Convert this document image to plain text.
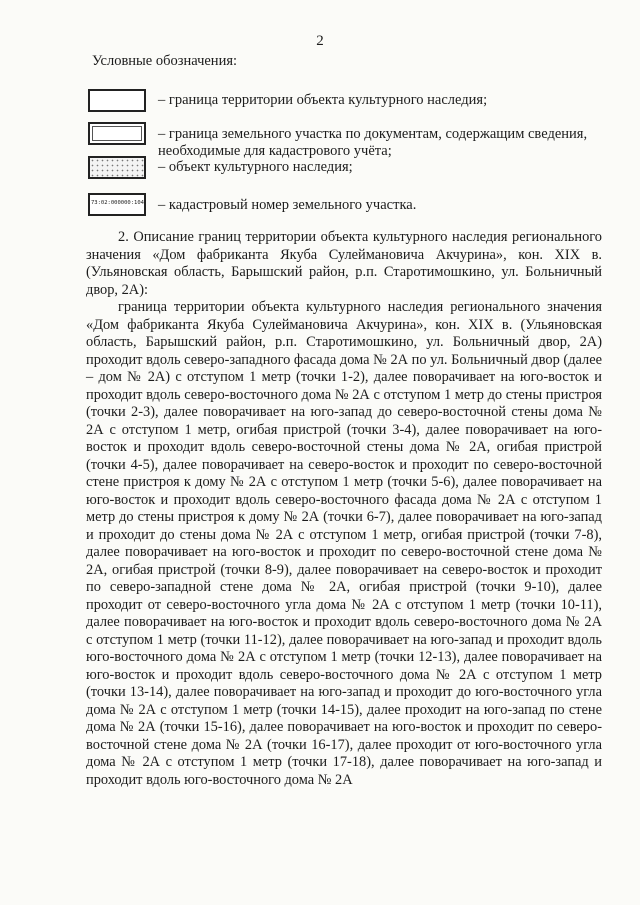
2
Условные обозначения:
– граница территории объекта культурного наследия;
– граница земельного участка по документам, содержащим сведения, необходимые для кадастрового учёта;
– объект культурного наследия;
73:02:000000:104 – кадастровый номер земельного участка.

2. Описание границ территории объекта культурного наследия регионального значения «Дом фабриканта Якуба Сулеймановича Акчурина», кон. XIX в. (Ульяновская область, Барышский район, р.п. Старотимошкино, ул. Больничный двор, 2А):

граница территории объекта культурного наследия регионального значения «Дом фабриканта Якуба Сулеймановича Акчурина», кон. XIX в. (Ульяновская область, Барышский район, р.п. Старотимошкино, ул. Больничный двор, 2А) проходит вдоль северо-западного фасада дома № 2А по ул. Больничный двор (далее – дом № 2А) с отступом 1 метр (точки 1-2), далее поворачивает на юго-восток и проходит вдоль северо-восточного дома № 2А с отступом 1 метр до стены пристроя (точки 2-3), далее поворачивает на юго-запад до северо-восточной стены дома № 2А с отступом 1 метр, огибая пристрой (точки 3-4), далее поворачивает на юго-восток и проходит вдоль северо-восточной стены дома № 2А, огибая пристрой (точки 4-5), далее поворачивает на северо-восток и проходит по северо-восточной стене пристроя к дому № 2А с отступом 1 метр (точки 5-6), далее поворачивает на юго-восток и проходит вдоль северо-восточного фасада дома № 2А с отступом 1 метр до стены пристроя к дому № 2А (точки 6-7), далее поворачивает на юго-запад и проходит до стены дома № 2А с отступом 1 метр, огибая пристрой (точки 7-8), далее поворачивает на юго-восток и проходит по северо-восточной стене дома № 2А, огибая пристрой (точки 8-9), далее поворачивает на северо-восток и проходит по северо-западной стене дома № 2А, огибая пристрой (точки 9-10), далее проходит от северо-восточного угла дома № 2А с отступом 1 метр (точки 10-11), далее поворачивает на юго-восток и проходит вдоль северо-восточного дома № 2А с отступом 1 метр (точки 11-12), далее поворачивает на юго-запад и проходит вдоль юго-восточного дома № 2А с отступом 1 метр (точки 12-13), далее поворачивает на юго-восток и проходит вдоль северо-восточного дома № 2А с отступом 1 метр (точки 13-14), далее поворачивает на юго-запад и проходит до юго-восточного угла дома № 2А с отступом 1 метр (точки 14-15), далее проходит на юго-запад по стене дома № 2А (точки 15-16), далее поворачивает на юго-восток и проходит по северо-восточной стене дома № 2А (точки 16-17), далее проходит от юго-восточного угла дома № 2А с отступом 1 метр (точки 17-18), далее поворачивает на юго-запад и проходит вдоль юго-восточного дома № 2А
